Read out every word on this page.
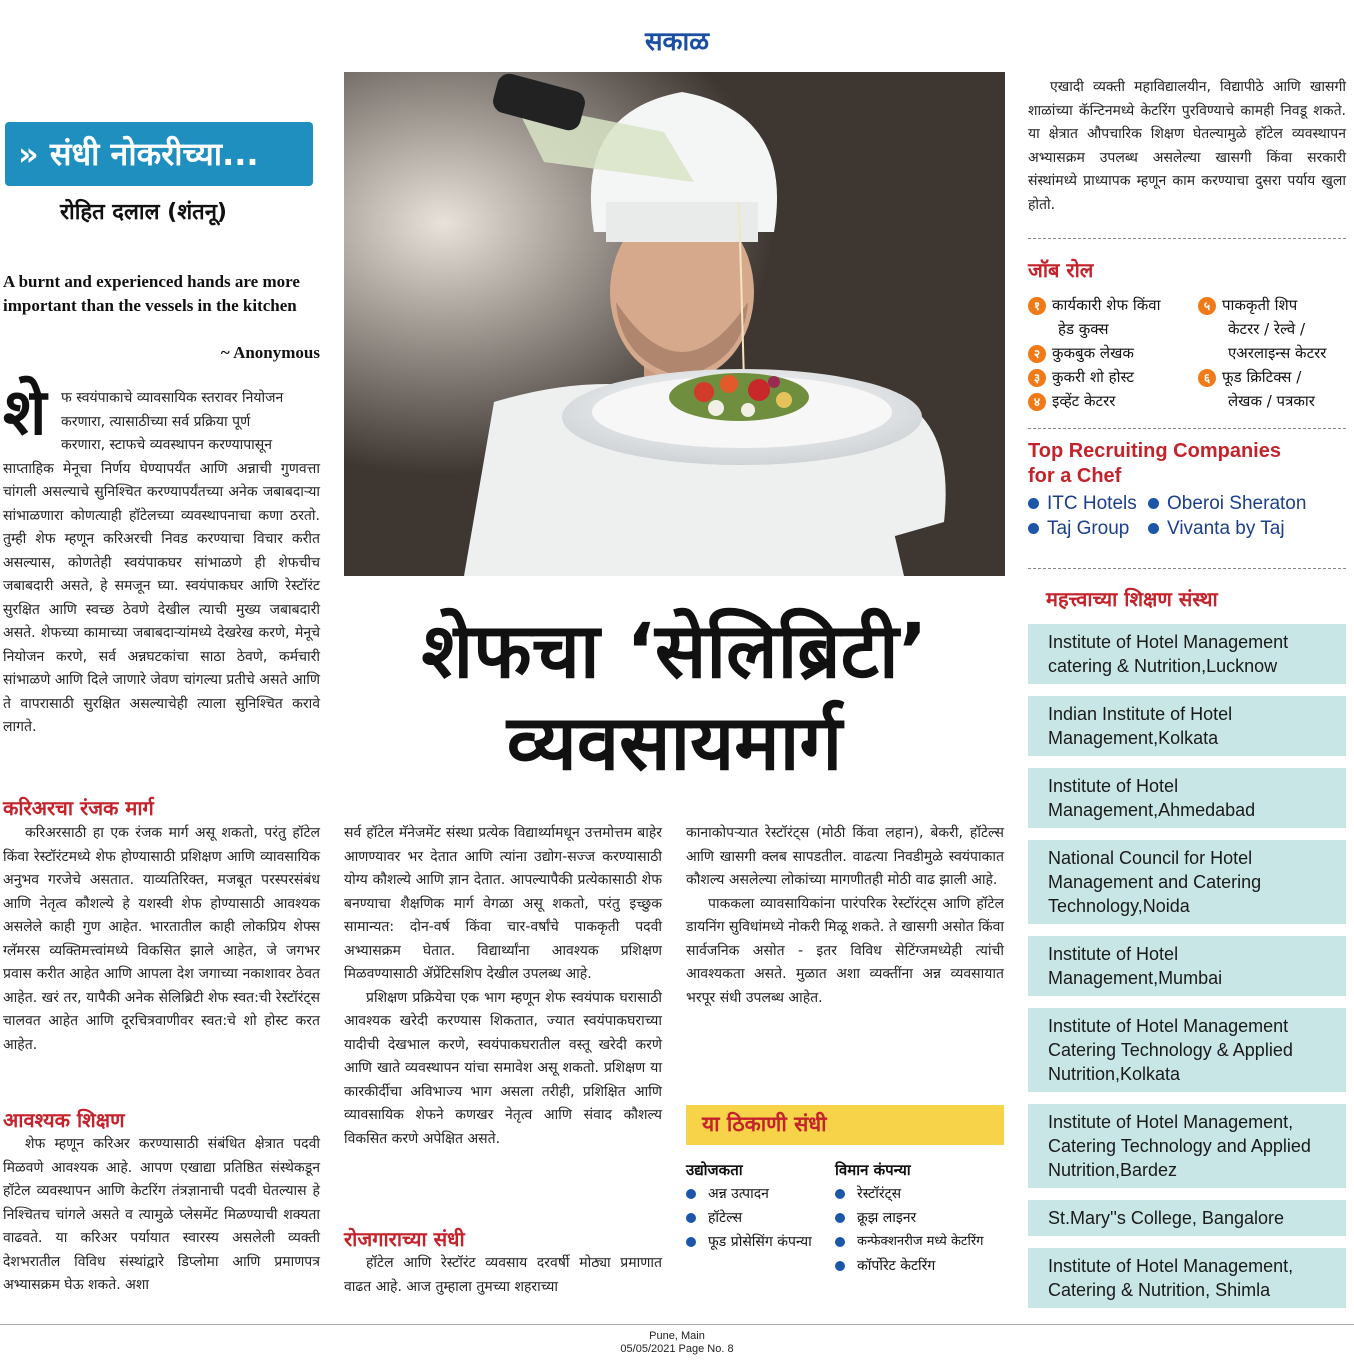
सकाळ
» संधी नोकरीच्या...
रोहित दलाल (शंतनू)
A burnt and experienced hands are more important than the vessels in the kitchen
~ Anonymous
शे	फ स्वयंपाकाचे व्यावसायिक स्तरावर नियोजन
करणारा, त्यासाठीच्या सर्व प्रक्रिया पूर्ण
करणारा, स्टाफचे व्यवस्थापन करण्यापासून
साप्ताहिक मेनूचा निर्णय घेण्यापर्यंत आणि अन्नाची गुणवत्ता चांगली असल्याचे सुनिश्चित करण्यापर्यंतच्या अनेक जबाबदाऱ्या सांभाळणारा कोणत्याही हॉटेलच्या व्यवस्थापनाचा कणा ठरतो. तुम्ही शेफ म्हणून करिअरची निवड करण्याचा विचार करीत असल्यास, कोणतेही स्वयंपाकघर सांभाळणे ही शेफचीच जबाबदारी असते, हे समजून घ्या. स्वयंपाकघर आणि रेस्टॉरंट सुरक्षित आणि स्वच्छ ठेवणे देखील त्याची मुख्य जबाबदारी असते. शेफच्या कामाच्या जबाबदाऱ्यांमध्ये देखरेख करणे, मेनूचे नियोजन करणे, सर्व अन्नघटकांचा साठा ठेवणे, कर्मचारी सांभाळणे आणि दिले जाणारे जेवण चांगल्या प्रतीचे असते आणि ते वापरासाठी सुरक्षित असल्याचेही त्याला सुनिश्चित करावे लागते.
करिअरचा रंजक मार्ग

करिअरसाठी हा एक रंजक मार्ग असू शकतो, परंतु हॉटेल किंवा रेस्टॉरंटमध्ये शेफ होण्यासाठी प्रशिक्षण आणि व्यावसायिक अनुभव गरजेचे असतात. याव्यतिरिक्त, मजबूत परस्परसंबंध आणि नेतृत्व कौशल्ये हे यशस्वी शेफ होण्यासाठी आवश्यक असलेले काही गुण आहेत. भारतातील काही लोकप्रिय शेफ्स ग्लॅमरस व्यक्तिमत्त्वांमध्ये विकसित झाले आहेत, जे जगभर प्रवास करीत आहेत आणि आपला देश जगाच्या नकाशावर ठेवत आहेत. खरं तर, यापैकी अनेक सेलिब्रिटी शेफ स्वत:ची रेस्टॉरंट्स चालवत आहेत आणि दूरचित्रवाणीवर स्वत:चे शो होस्ट करत आहेत.

आवश्यक शिक्षण

शेफ म्हणून करिअर करण्यासाठी संबंधित क्षेत्रात पदवी मिळवणे आवश्यक आहे. आपण एखाद्या प्रतिष्ठित संस्थेकडून हॉटेल व्यवस्थापन आणि केटरिंग तंत्रज्ञानाची पदवी घेतल्यास हे निश्चितच चांगले असते व त्यामुळे प्लेसमेंट मिळण्याची शक्यता वाढवते. या करिअर पर्यायात स्वारस्य असलेली व्यक्ती देशभरातील विविध संस्थांद्वारे डिप्लोमा आणि प्रमाणपत्र अभ्यासक्रम घेऊ शकते. अशा

शेफचा ‘सेलिब्रिटी’
व्यवसायमार्ग

सर्व हॉटेल मॅनेजमेंट संस्था प्रत्येक विद्यार्थ्यामधून उत्तमोत्तम बाहेर आणण्यावर भर देतात आणि त्यांना उद्योग-सज्ज करण्यासाठी योग्य कौशल्ये आणि ज्ञान देतात. आपल्यापैकी प्रत्येकासाठी शेफ बनण्याचा शैक्षणिक मार्ग वेगळा असू शकतो, परंतु इच्छुक सामान्यत: दोन-वर्ष किंवा चार-वर्षांचे पाककृती पदवी अभ्यासक्रम घेतात. विद्यार्थ्यांना आवश्यक प्रशिक्षण मिळवण्यासाठी ॲप्रेंटिसशिप देखील उपलब्ध आहे.

प्रशिक्षण प्रक्रियेचा एक भाग म्हणून शेफ स्वयंपाक घरासाठी आवश्यक खरेदी करण्यास शिकतात, ज्यात स्वयंपाकघराच्या यादीची देखभाल करणे, स्वयंपाकघरातील वस्तू खरेदी करणे आणि खाते व्यवस्थापन यांचा समावेश असू शकतो. प्रशिक्षण या कारकीर्दीचा अविभाज्य भाग असला तरीही, प्रशिक्षित आणि व्यावसायिक शेफने कणखर नेतृत्व आणि संवाद कौशल्य विकसित करणे अपेक्षित असते.

रोजगाराच्या संधी

हॉटेल आणि रेस्टॉरंट व्यवसाय दरवर्षी मोठ्या प्रमाणात वाढत आहे. आज तुम्हाला तुमच्या शहराच्या

कानाकोपऱ्यात रेस्टॉरंट्स (मोठी किंवा लहान), बेकरी, हॉटेल्स आणि खासगी क्लब सापडतील. वाढत्या निवडीमुळे स्वयंपाकात कौशल्य असलेल्या लोकांच्या मागणीतही मोठी वाढ झाली आहे.

पाककला व्यावसायिकांना पारंपरिक रेस्टॉरंट्स आणि हॉटेल डायनिंग सुविधांमध्ये नोकरी मिळू शकते. ते खासगी असोत किंवा सार्वजनिक असोत - इतर विविध सेटिंग्जमध्येही त्यांची आवश्यकता असते. मुळात अशा व्यक्तींना अन्न व्यवसायात भरपूर संधी उपलब्ध आहेत.

या ठिकाणी संधी
उद्योजकता
अन्न उत्पादन
हॉटेल्स
फूड प्रोसेसिंग कंपन्या
विमान कंपन्या
रेस्टॉरंट्स
क्रूझ लाइनर
कन्फेक्शनरीज मध्ये केटरिंग
कॉर्पोरेट केटरिंग

एखादी व्यक्ती महाविद्यालयीन, विद्यापीठे आणि खासगी शाळांच्या कॅन्टिनमध्ये केटरिंग पुरविण्याचे कामही निवडू शकते. या क्षेत्रात औपचारिक शिक्षण घेतल्यामुळे हॉटेल व्यवस्थापन अभ्यासक्रम उपलब्ध असलेल्या खासगी किंवा सरकारी संस्थांमध्ये प्राध्यापक म्हणून काम करण्याचा दुसरा पर्याय खुला होतो.

जॉब रोल
१ कार्यकारी शेफ किंवा
हेड कुक्स
२ कुकबुक लेखक
३ कुकरी शो होस्ट
४ इव्हेंट केटरर
५ पाककृती शिप
केटरर / रेल्वे /
एअरलाइन्स केटरर
६ फूड क्रिटिक्स /
लेखक / पत्रकार
Top Recruiting Companies
for a Chef
ITC Hotels
Taj Group
Oberoi Sheraton
Vivanta by Taj
महत्त्वाच्या शिक्षण संस्था
Institute of Hotel Management
catering & Nutrition,Lucknow
Indian Institute of Hotel
Management,Kolkata
Institute of Hotel
Management,Ahmedabad
National Council for Hotel
Management and Catering
Technology,Noida
Institute of Hotel
Management,Mumbai
Institute of Hotel Management
Catering Technology & Applied
Nutrition,Kolkata
Institute of Hotel Management,
Catering Technology and Applied
Nutrition,Bardez
St.Mary''s College, Bangalore
Institute of Hotel Management,
Catering & Nutrition, Shimla
Pune, Main
05/05/2021 Page No. 8
